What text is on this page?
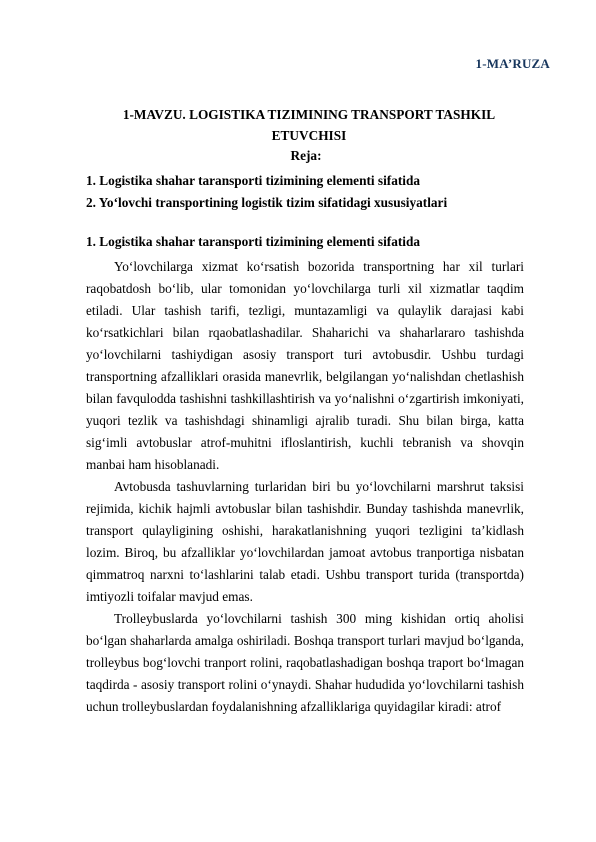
1-MA’RUZA
1-MAVZU. LOGISTIKA TIZIMINING TRANSPORT TASHKIL
ETUVCHISI
Reja:
1. Logistika shahar taransporti tizimining elementi sifatida
2. Yo‘lovchi transportining logistik tizim sifatidagi xususiyatlari
1. Logistika shahar taransporti tizimining elementi sifatida

Yo‘lovchilarga xizmat ko‘rsatish bozorida transportning har xil turlari raqobatdosh bo‘lib, ular tomonidan yo‘lovchilarga turli xil xizmatlar taqdim etiladi. Ular tashish tarifi, tezligi, muntazamligi va qulaylik darajasi kabi ko‘rsatkichlari bilan rqaobatlashadilar. Shaharichi va shaharlararo tashishda yo‘lovchilarni tashiydigan asosiy transport turi avtobusdir. Ushbu turdagi transportning afzalliklari orasida manevrlik, belgilangan yo‘nalishdan chetlashish bilan favqulodda tashishni tashkillashtirish va yo‘nalishni o‘zgartirish imkoniyati, yuqori tezlik va tashishdagi shinamligi ajralib turadi. Shu bilan birga, katta sig‘imli avtobuslar atrof-muhitni ifloslantirish, kuchli tebranish va shovqin manbai ham hisoblanadi.

Avtobusda tashuvlarning turlaridan biri bu yo‘lovchilarni marshrut taksisi rejimida, kichik hajmli avtobuslar bilan tashishdir. Bunday tashishda manevrlik, transport qulayligining oshishi, harakatlanishning yuqori tezligini ta’kidlash lozim. Biroq, bu afzalliklar yo‘lovchilardan jamoat avtobus tranportiga nisbatan qimmatroq narxni to‘lashlarini talab etadi. Ushbu transport turida (transportda) imtiyozli toifalar mavjud emas.

Trolleybuslarda yo‘lovchilarni tashish 300 ming kishidan ortiq aholisi bo‘lgan shaharlarda amalga oshiriladi. Boshqa transport turlari mavjud bo‘lganda, trolleybus bog‘lovchi tranport rolini, raqobatlashadigan boshqa traport bo‘lmagan taqdirda - asosiy transport rolini o‘ynaydi. Shahar hududida yo‘lovchilarni tashish uchun trolleybuslardan foydalanishning afzalliklariga quyidagilar kiradi: atrof
